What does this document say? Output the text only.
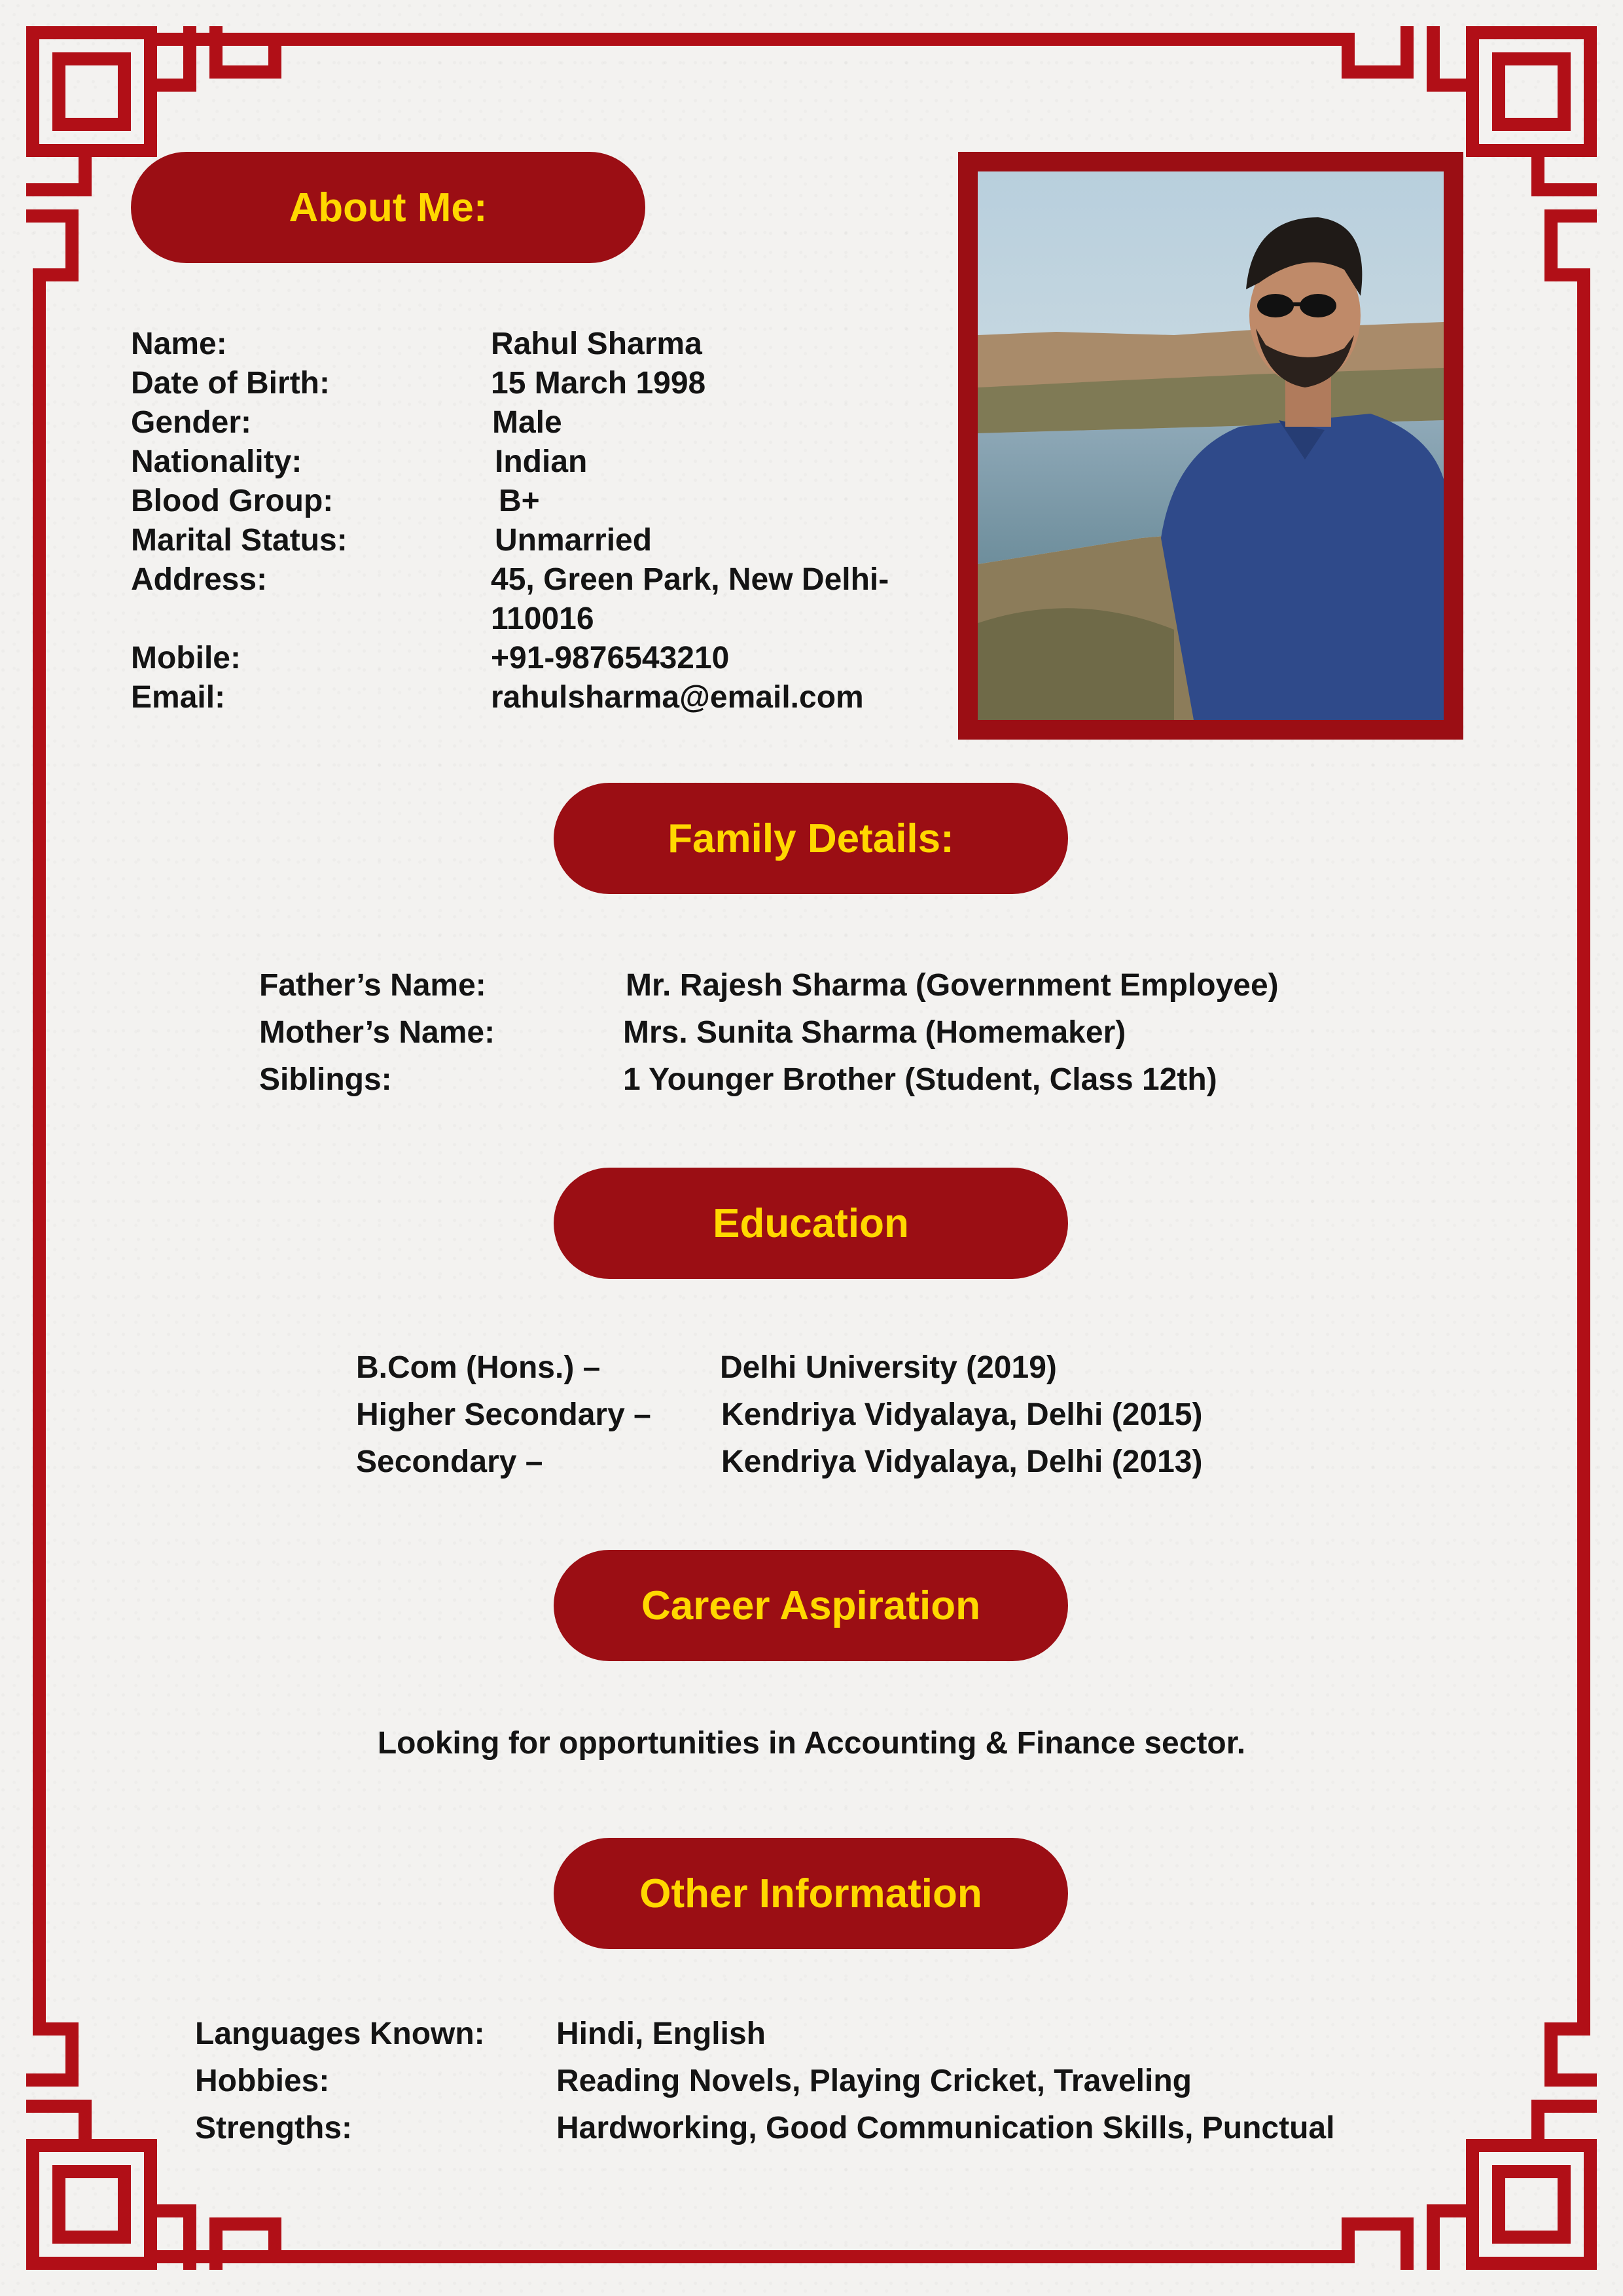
About Me:
Name:	Rahul Sharma
Date of Birth:	15 March 1998
Gender:	Male
Nationality:	Indian
Blood Group:	B+
Marital Status:	Unmarried
Address:	45, Green Park, New Delhi-110016
Mobile:	+91-9876543210
Email:	rahulsharma@email.com
Family Details:
Father’s Name:	Mr. Rajesh Sharma (Government Employee)
Mother’s Name:	Mrs. Sunita Sharma (Homemaker)
Siblings:	1 Younger Brother (Student, Class 12th)
Education
B.Com (Hons.) –	Delhi University (2019)
Higher Secondary – Kendriya Vidyalaya, Delhi (2015)
Secondary –	Kendriya Vidyalaya, Delhi (2013)
Career Aspiration
Looking for opportunities in Accounting & Finance sector.
Other Information
Languages Known: Hindi, English
Hobbies:	Reading Novels, Playing Cricket, Traveling
Strengths:	Hardworking, Good Communication Skills, Punctual
